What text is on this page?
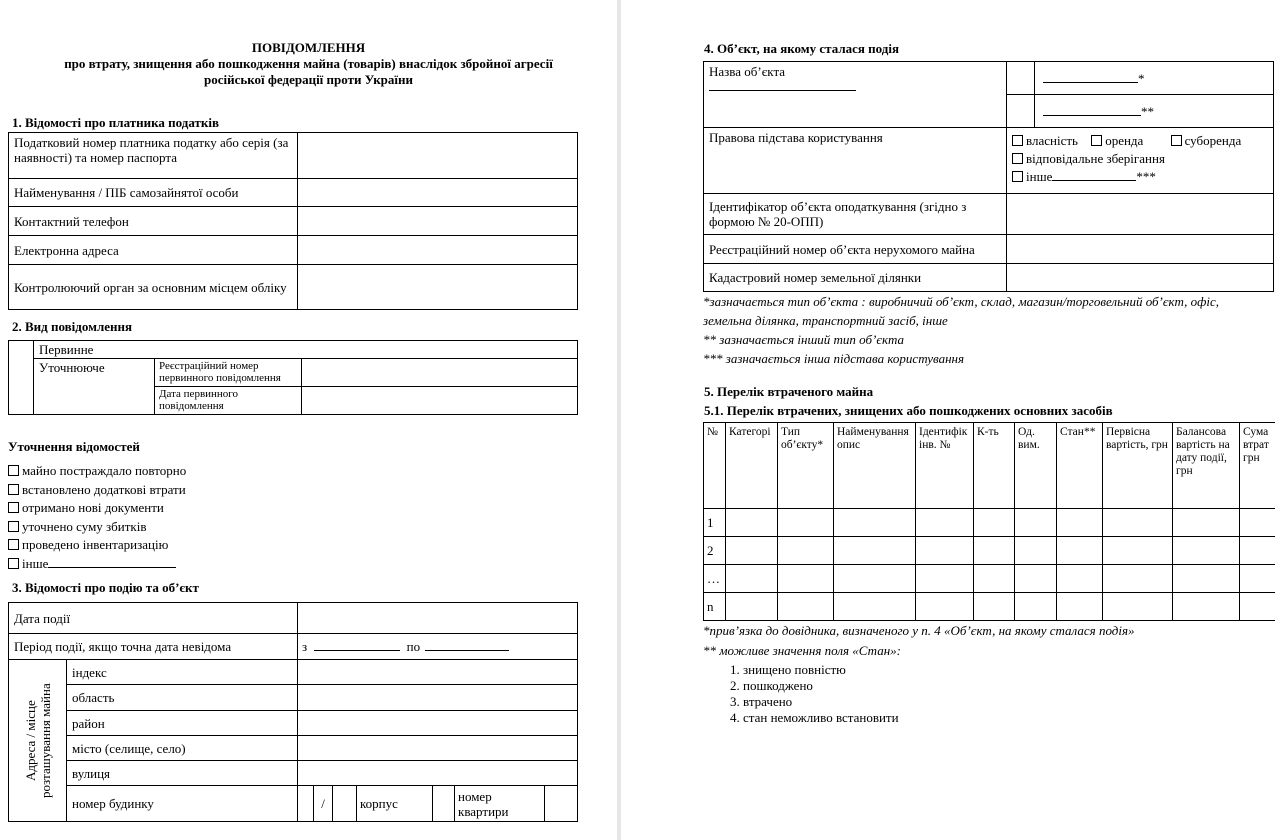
ПОВІДОМЛЕННЯ
про втрату, знищення або пошкодження майна (товарів) внаслідок збройної агресії
російської федерації проти України
1. Відомості про платника податків
Податковий номер платника податку або серія (за наявності) та номер паспорта	
Найменування / ПІБ самозайнятої особи	
Контактний телефон	
Електронна адреса	
Контролюючий орган за основним місцем обліку	
2. Вид повідомлення
	Первинне		
	Уточнююче	Реєстраційний номер первинного повідомлення	
		Дата первинного повідомлення	
Уточнення відомостей
майно постраждало повторно
встановлено додаткові втрати
отримано нові документи
уточнено суму збитків
проведено інвентаризацію
інше
3. Відомості про подію та об’єкт
Дата події								
Період події, якщо точна дата невідома		з по						

Адреса / місце розташування майна	індекс							
	область							
	район							
	місто (селище, село)							
	вулиця							
	номер будинку		/		корпус		номер квартири	
4. Об’єкт, на якому сталася подія
Назва об’єкта		*
		**
Правова підстава користування	власність оренда суборенда
відповідальне зберігання
інше ***	

Ідентифікатор об’єкта оподаткування (згідно з формою № 20-ОПП)		
Реєстраційний номер об’єкта нерухомого майна		
Кадастровий номер земельної ділянки		
*зазначається тип об’єкта : виробничий об’єкт, склад, магазин/торговельний об’єкт, офіс,
земельна ділянка, транспортний засіб, інше
** зазначається інший тип об’єкта
*** зазначається інша підстава користування
5. Перелік втраченого майна
5.1. Перелік втрачених, знищених або пошкоджених основних засобів
№	Категорі	Тип об’єкту*	Найменування опис	Ідентифік інв. №	К-ть	Од. вим.	Стан**	Первісна вартість, грн	Балансова вартість на дату події, грн	Сума втрат грн
1										
2										
…										
n										
*прив’язка до довідника, визначеного у п. 4 «Об’єкт, на якому сталася подія»
** можливе значення поля «Стан»:
1. знищено повністю
2. пошкоджено
3. втрачено
4. стан неможливо встановити
